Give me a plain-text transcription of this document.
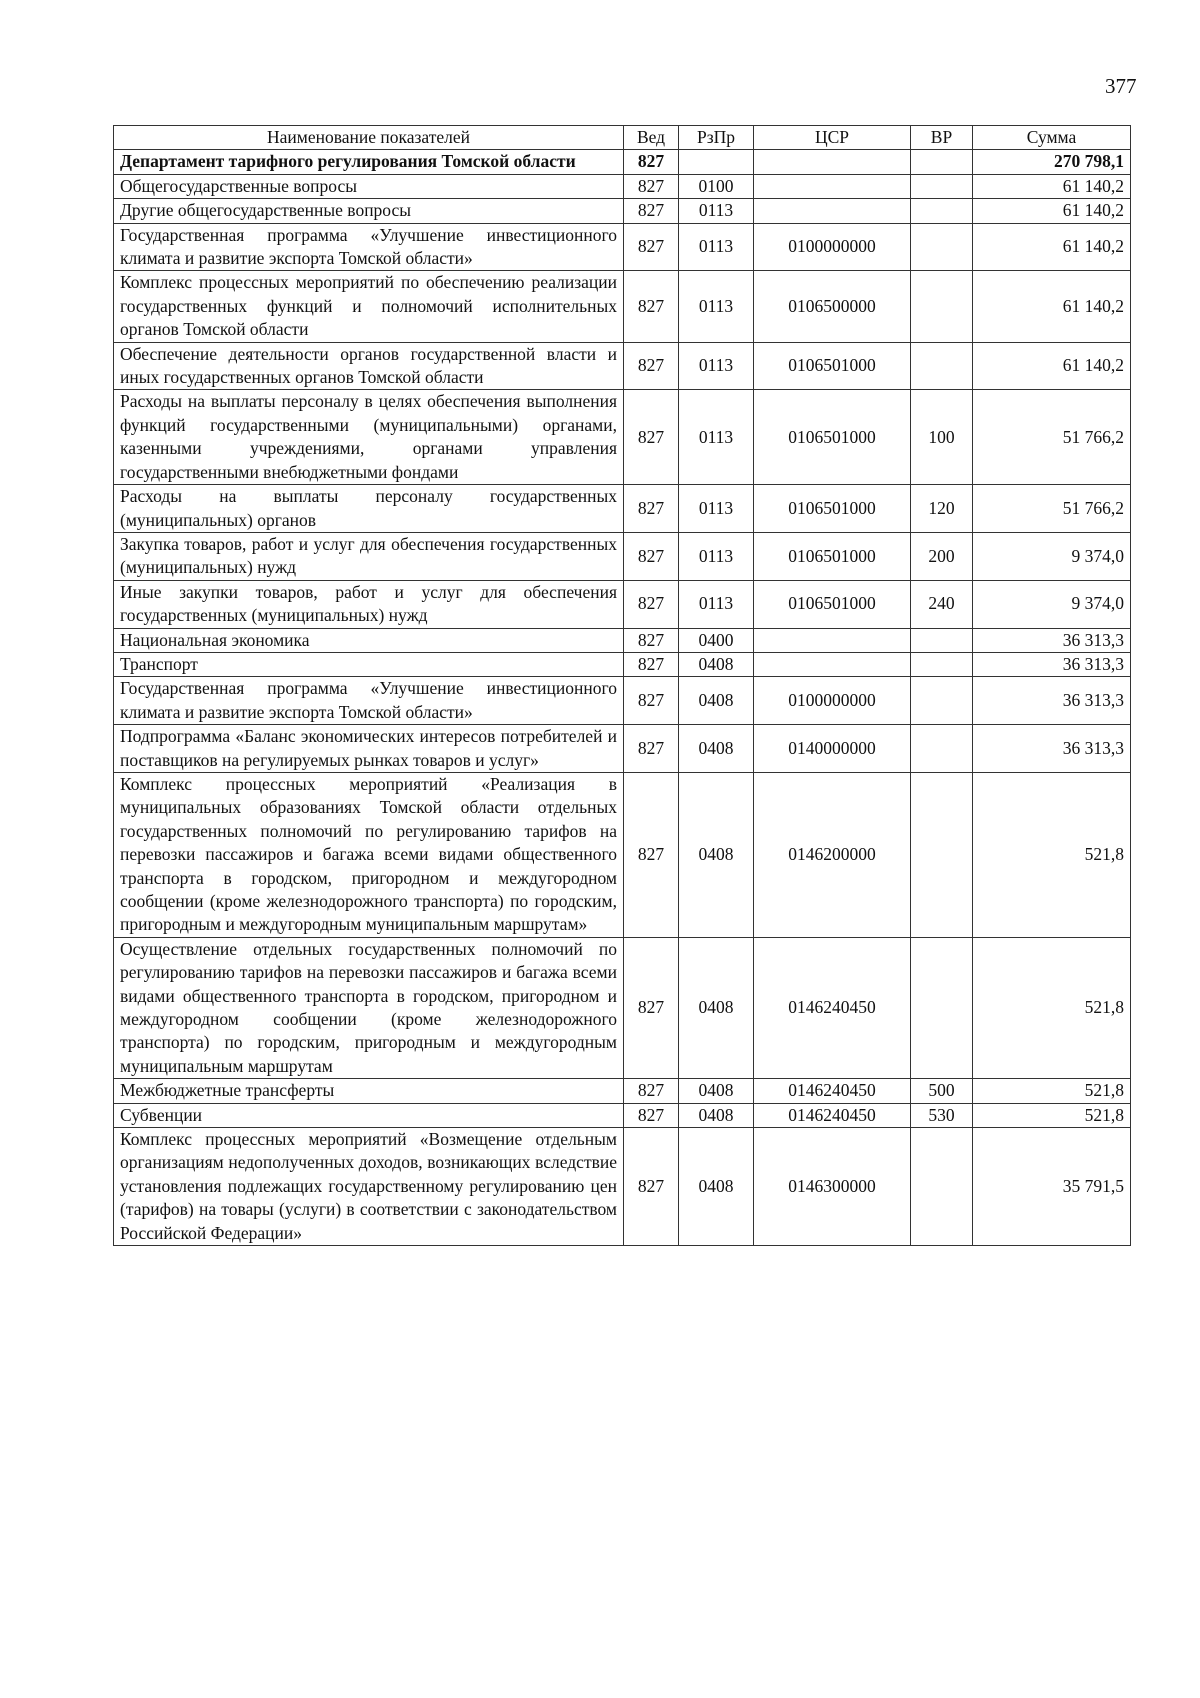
377
Наименование показателей	Вед	РзПр	ЦСР	ВР	Сумма
Департамент тарифного регулирования Томской области	827				270 798,1
Общегосударственные вопросы	827	0100			61 140,2
Другие общегосударственные вопросы	827	0113			61 140,2
Государственная программа «Улучшение инвестиционного климата и развитие экспорта Томской области»	827	0113	0100000000		61 140,2
Комплекс процессных мероприятий по обеспечению реализации государственных функций и полномочий исполнительных органов Томской области	827	0113	0106500000		61 140,2
Обеспечение деятельности органов государственной власти и иных государственных органов Томской области	827	0113	0106501000		61 140,2
Расходы на выплаты персоналу в целях обеспечения выполнения функций государственными (муниципальными) органами, казенными учреждениями, органами управления государственными внебюджетными фондами	827	0113	0106501000	100	51 766,2
Расходы на выплаты персоналу государственных (муниципальных) органов	827	0113	0106501000	120	51 766,2
Закупка товаров, работ и услуг для обеспечения государственных (муниципальных) нужд	827	0113	0106501000	200	9 374,0
Иные закупки товаров, работ и услуг для обеспечения государственных (муниципальных) нужд	827	0113	0106501000	240	9 374,0
Национальная экономика	827	0400			36 313,3
Транспорт	827	0408			36 313,3
Государственная программа «Улучшение инвестиционного климата и развитие экспорта Томской области»	827	0408	0100000000		36 313,3
Подпрограмма «Баланс экономических интересов потребителей и поставщиков на регулируемых рынках товаров и услуг»	827	0408	0140000000		36 313,3
Комплекс процессных мероприятий «Реализация в муниципальных образованиях Томской области отдельных государственных полномочий по регулированию тарифов на перевозки пассажиров и багажа всеми видами общественного транспорта в городском, пригородном и междугородном сообщении (кроме железнодорожного транспорта) по городским, пригородным и междугородным муниципальным маршрутам»	827	0408	0146200000		521,8
Осуществление отдельных государственных полномочий по регулированию тарифов на перевозки пассажиров и багажа всеми видами общественного транспорта в городском, пригородном и междугородном сообщении (кроме железнодорожного транспорта) по городским, пригородным и междугородным муниципальным маршрутам	827	0408	0146240450		521,8
Межбюджетные трансферты	827	0408	0146240450	500	521,8
Субвенции	827	0408	0146240450	530	521,8
Комплекс процессных мероприятий «Возмещение отдельным организациям недополученных доходов, возникающих вследствие установления подлежащих государственному регулированию цен (тарифов) на товары (услуги) в соответствии с законодательством Российской Федерации»	827	0408	0146300000		35 791,5
